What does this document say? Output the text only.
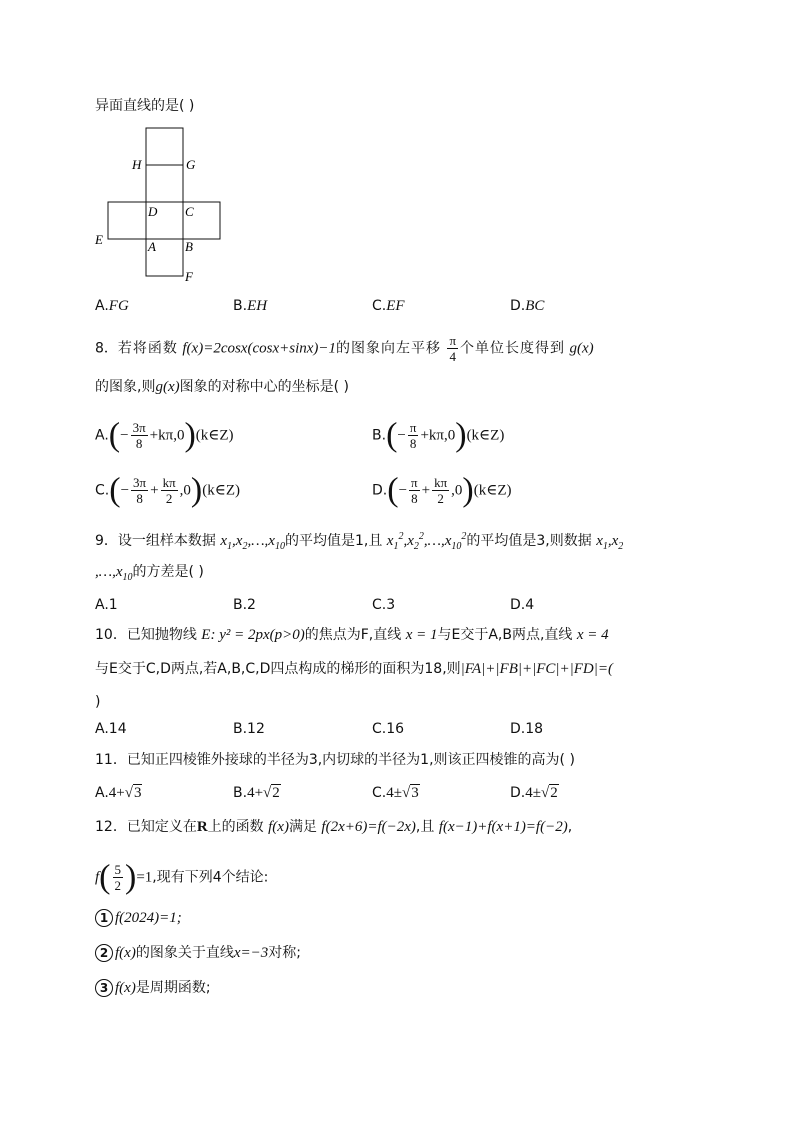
异面直线的是( )
H	G
D C
E	A B
F
A.FG	B.EH	C.EF	D.BC
8．若将函数 f(x)=2cosx(cosx+sinx)−1的图象向左平移 $\frac{\pi}{4}$ 个单位长度得到 g(x)
的图象,则g(x)图象的对称中心的坐标是( )
$A.(- \frac{3\pi}{8}$ +kπ,0)(k∈Z)	$B.(- \frac{\pi}{8}$ +kπ,0)(k∈Z)
$C.(- \frac{3\pi}{8} + \frac{k\pi}{2}$ ,0)(k∈Z)	$D.(- \frac{\pi}{8} + \frac{k\pi}{2}$ ,0)(k∈Z)
9．设一组样本数据 $x_1,x_2,\dots,x_{10}$的平均值是1,且 $x_1^2,x_2^2,\dots,x_{10}^2$的平均值是3,则数据 $x_1,x_2$
$,\dots,x_{10}$的方差是( )
A.1	B.2	C.3	D.4
10．已知抛物线 E: y² = 2px(p>0)的焦点为F,直线 x = 1与E交于A,B两点,直线 x = 4
与E交于C,D两点,若A,B,C,D四点构成的梯形的面积为18,则|FA|+|FB|+|FC|+|FD|=(
)
A.14	B.12	C.16	D.18
11．已知正四棱锥外接球的半径为3,内切球的半径为1,则该正四棱锥的高为( )
A.4+√3	B.4+√2	C.4±√3	D.4±√2
12．已知定义在R上的函数 f(x)满足 f(2x+6)=f(−2x),且 f(x−1)+f(x+1)=f(−2),
$f( \frac{5}{2} )=1$,现有下列4个结论:
1 f(2024)=1;
2 f(x)的图象关于直线x=−3对称;
3 f(x)是周期函数;
